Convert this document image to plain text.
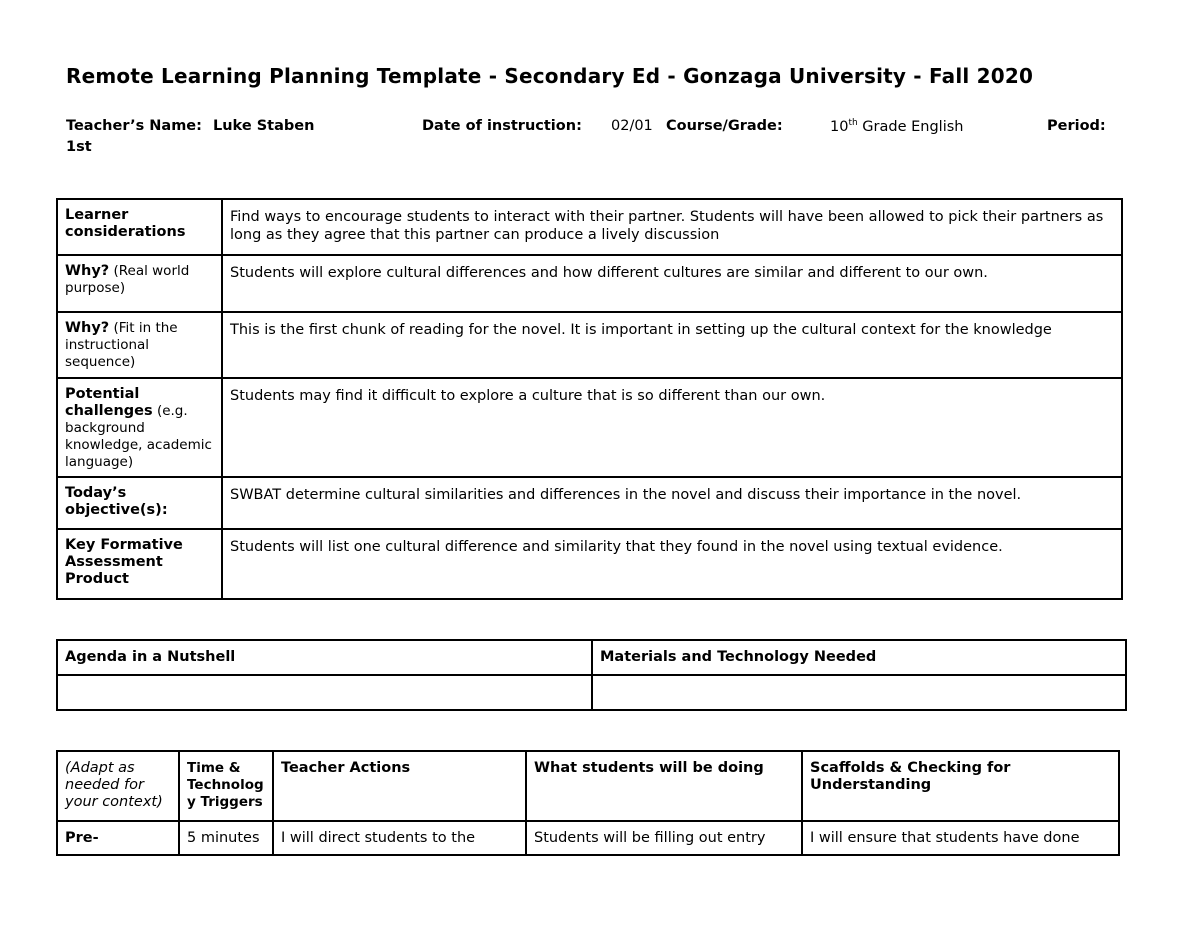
Remote Learning Planning Template - Secondary Ed - Gonzaga University - Fall 2020
Teacher’s Name: Luke Staben	Date of instruction: 02/01 Course/Grade:	10th Grade English	Period:
1st
Learner considerations	Find ways to encourage students to interact with their partner. Students will have been allowed to pick their partners as long as they agree that this partner can produce a lively discussion

Why? (Real world purpose)	Students will explore cultural differences and how different cultures are similar and different to our own.

Why? (Fit in the instructional sequence)	This is the first chunk of reading for the novel. It is important in setting up the cultural context for the knowledge

Potential challenges (e.g. background knowledge, academic language)	Students may find it difficult to explore a culture that is so different than our own.

Today’s objective(s):	SWBAT determine cultural similarities and differences in the novel and discuss their importance in the novel.

Key Formative Assessment Product	Students will list one cultural difference and similarity that they found in the novel using textual evidence.
Agenda in a Nutshell	Materials and Technology Needed

(Adapt as needed for your context)	Time & Technolog y Triggers	Teacher Actions	What students will be doing	Scaffolds & Checking for Understanding

Pre-	5 minutes	I will direct students to the	Students will be filling out entry	I will ensure that students have done
